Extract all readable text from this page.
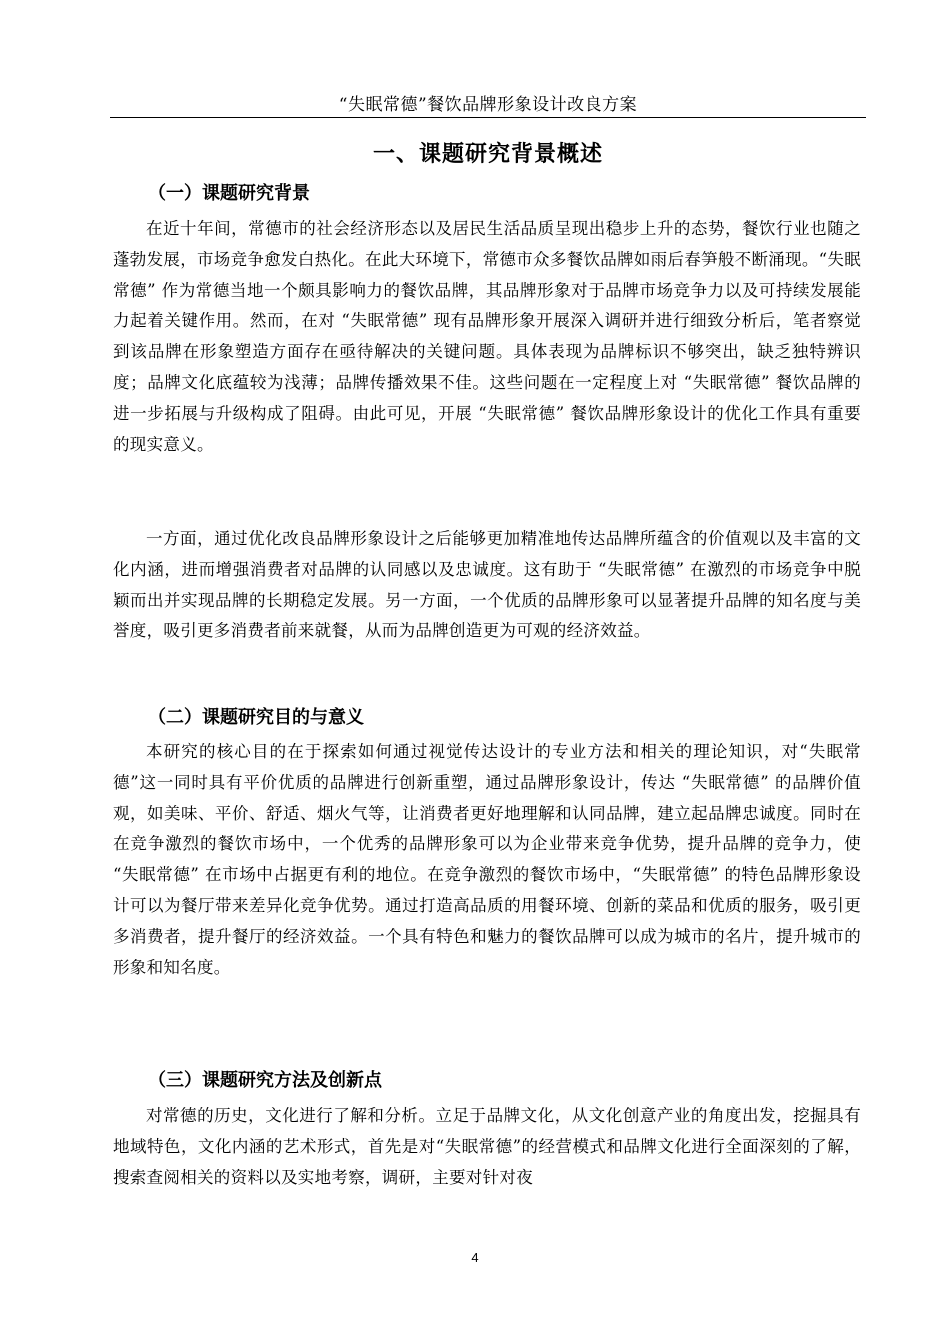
“失眠常德”餐饮品牌形象设计改良方案
一、课题研究背景概述
（一）课题研究背景

在近十年间，常德市的社会经济形态以及居民生活品质呈现出稳步上升的态势，餐饮行业也随之蓬勃发展，市场竞争愈发白热化。在此大环境下，常德市众多餐饮品牌如雨后春笋般不断涌现。“失眠常德” 作为常德当地一个颇具影响力的餐饮品牌，其品牌形象对于品牌市场竞争力以及可持续发展能力起着关键作用。然而，在对 “失眠常德” 现有品牌形象开展深入调研并进行细致分析后，笔者察觉到该品牌在形象塑造方面存在亟待解决的关键问题。具体表现为品牌标识不够突出，缺乏独特辨识度；品牌文化底蕴较为浅薄；品牌传播效果不佳。这些问题在一定程度上对 “失眠常德” 餐饮品牌的进一步拓展与升级构成了阻碍。由此可见，开展 “失眠常德” 餐饮品牌形象设计的优化工作具有重要的现实意义。

一方面，通过优化改良品牌形象设计之后能够更加精准地传达品牌所蕴含的价值观以及丰富的文化内涵，进而增强消费者对品牌的认同感以及忠诚度。这有助于 “失眠常德” 在激烈的市场竞争中脱颖而出并实现品牌的长期稳定发展。另一方面，一个优质的品牌形象可以显著提升品牌的知名度与美誉度，吸引更多消费者前来就餐，从而为品牌创造更为可观的经济效益。

（二）课题研究目的与意义

本研究的核心目的在于探索如何通过视觉传达设计的专业方法和相关的理论知识，对“失眠常德”这一同时具有平价优质的品牌进行创新重塑，通过品牌形象设计，传达 “失眠常德” 的品牌价值观，如美味、平价、舒适、烟火气等，让消费者更好地理解和认同品牌，建立起品牌忠诚度。同时在在竞争激烈的餐饮市场中，一个优秀的品牌形象可以为企业带来竞争优势，提升品牌的竞争力，使 “失眠常德” 在市场中占据更有利的地位。在竞争激烈的餐饮市场中，“失眠常德” 的特色品牌形象设计可以为餐厅带来差异化竞争优势。通过打造高品质的用餐环境、创新的菜品和优质的服务，吸引更多消费者，提升餐厅的经济效益。一个具有特色和魅力的餐饮品牌可以成为城市的名片，提升城市的形象和知名度。

（三）课题研究方法及创新点

对常德的历史，文化进行了解和分析。立足于品牌文化，从文化创意产业的角度出发，挖掘具有地域特色，文化内涵的艺术形式，首先是对“失眠常德”的经营模式和品牌文化进行全面深刻的了解，搜索查阅相关的资料以及实地考察，调研，主要对针对夜

4
